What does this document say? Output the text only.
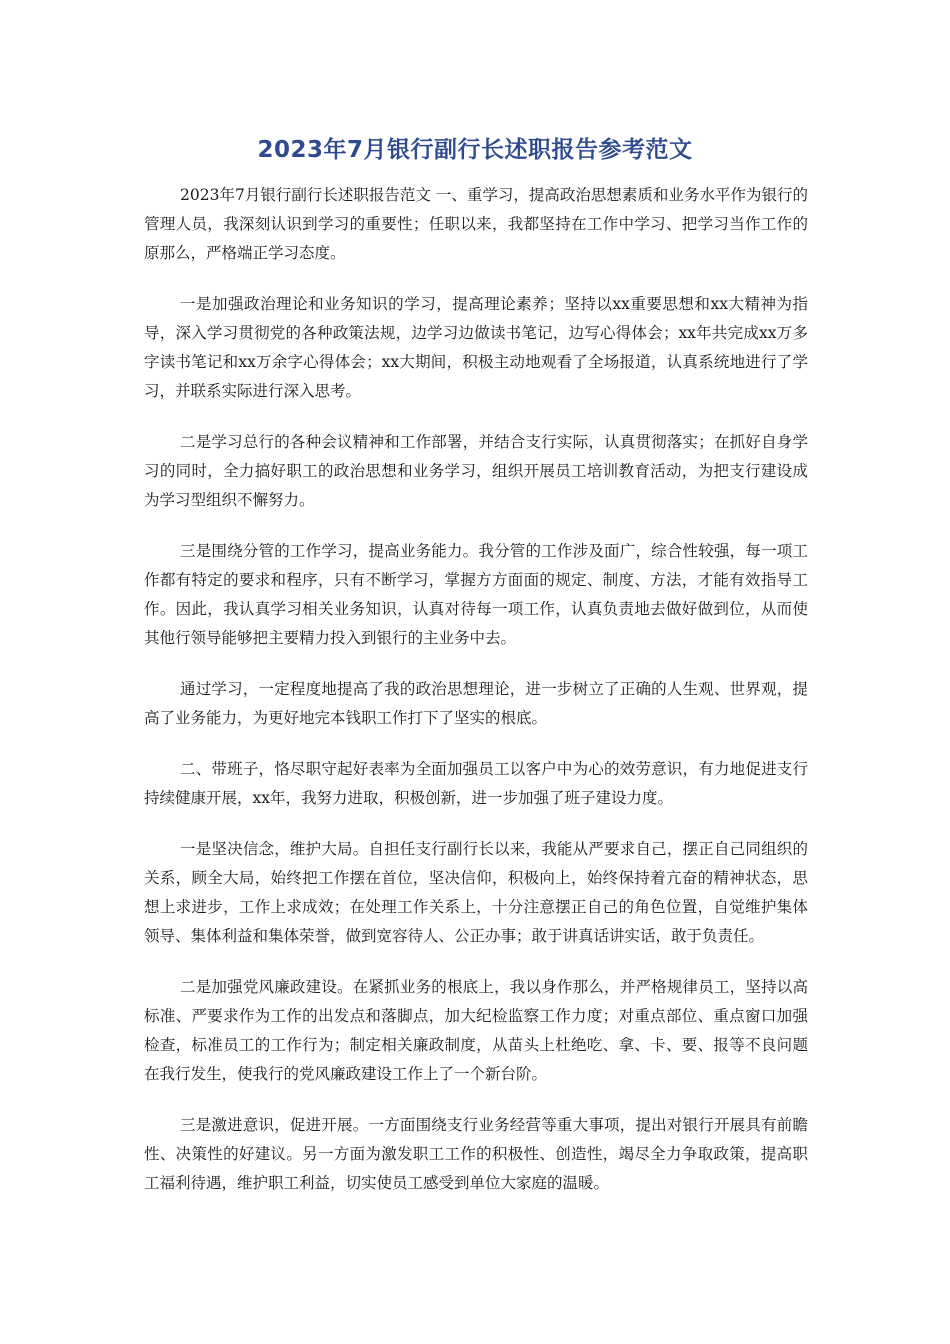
2023年7月银行副行长述职报告参考范文

2023年7月银行副行长述职报告范文 一、重学习，提高政治思想素质和业务水平作为银行的管理人员，我深刻认识到学习的重要性；任职以来，我都坚持在工作中学习、把学习当作工作的原那么，严格端正学习态度。

一是加强政治理论和业务知识的学习，提高理论素养；坚持以xx重要思想和xx大精神为指导，深入学习贯彻党的各种政策法规，边学习边做读书笔记，边写心得体会；xx年共完成xx万多字读书笔记和xx万余字心得体会；xx大期间，积极主动地观看了全场报道，认真系统地进行了学习，并联系实际进行深入思考。

二是学习总行的各种会议精神和工作部署，并结合支行实际，认真贯彻落实；在抓好自身学习的同时，全力搞好职工的政治思想和业务学习，组织开展员工培训教育活动，为把支行建设成为学习型组织不懈努力。

三是围绕分管的工作学习，提高业务能力。我分管的工作涉及面广，综合性较强，每一项工作都有特定的要求和程序，只有不断学习，掌握方方面面的规定、制度、方法，才能有效指导工作。因此，我认真学习相关业务知识，认真对待每一项工作，认真负责地去做好做到位，从而使其他行领导能够把主要精力投入到银行的主业务中去。

通过学习，一定程度地提高了我的政治思想理论，进一步树立了正确的人生观、世界观，提高了业务能力，为更好地完本钱职工作打下了坚实的根底。

二、带班子，恪尽职守起好表率为全面加强员工以客户中为心的效劳意识，有力地促进支行持续健康开展，xx年，我努力进取，积极创新，进一步加强了班子建设力度。

一是坚决信念，维护大局。自担任支行副行长以来，我能从严要求自己，摆正自己同组织的关系，顾全大局，始终把工作摆在首位，坚决信仰，积极向上，始终保持着亢奋的精神状态，思想上求进步，工作上求成效；在处理工作关系上，十分注意摆正自己的角色位置，自觉维护集体领导、集体利益和集体荣誉，做到宽容待人、公正办事；敢于讲真话讲实话，敢于负责任。

二是加强党风廉政建设。在紧抓业务的根底上，我以身作那么，并严格规律员工，坚持以高标准、严要求作为工作的出发点和落脚点，加大纪检监察工作力度；对重点部位、重点窗口加强检查，标准员工的工作行为；制定相关廉政制度，从苗头上杜绝吃、拿、卡、要、报等不良问题在我行发生，使我行的党风廉政建设工作上了一个新台阶。

三是激进意识，促进开展。一方面围绕支行业务经营等重大事项，提出对银行开展具有前瞻性、决策性的好建议。另一方面为激发职工工作的积极性、创造性，竭尽全力争取政策，提高职工福利待遇，维护职工利益，切实使员工感受到单位大家庭的温暖。
